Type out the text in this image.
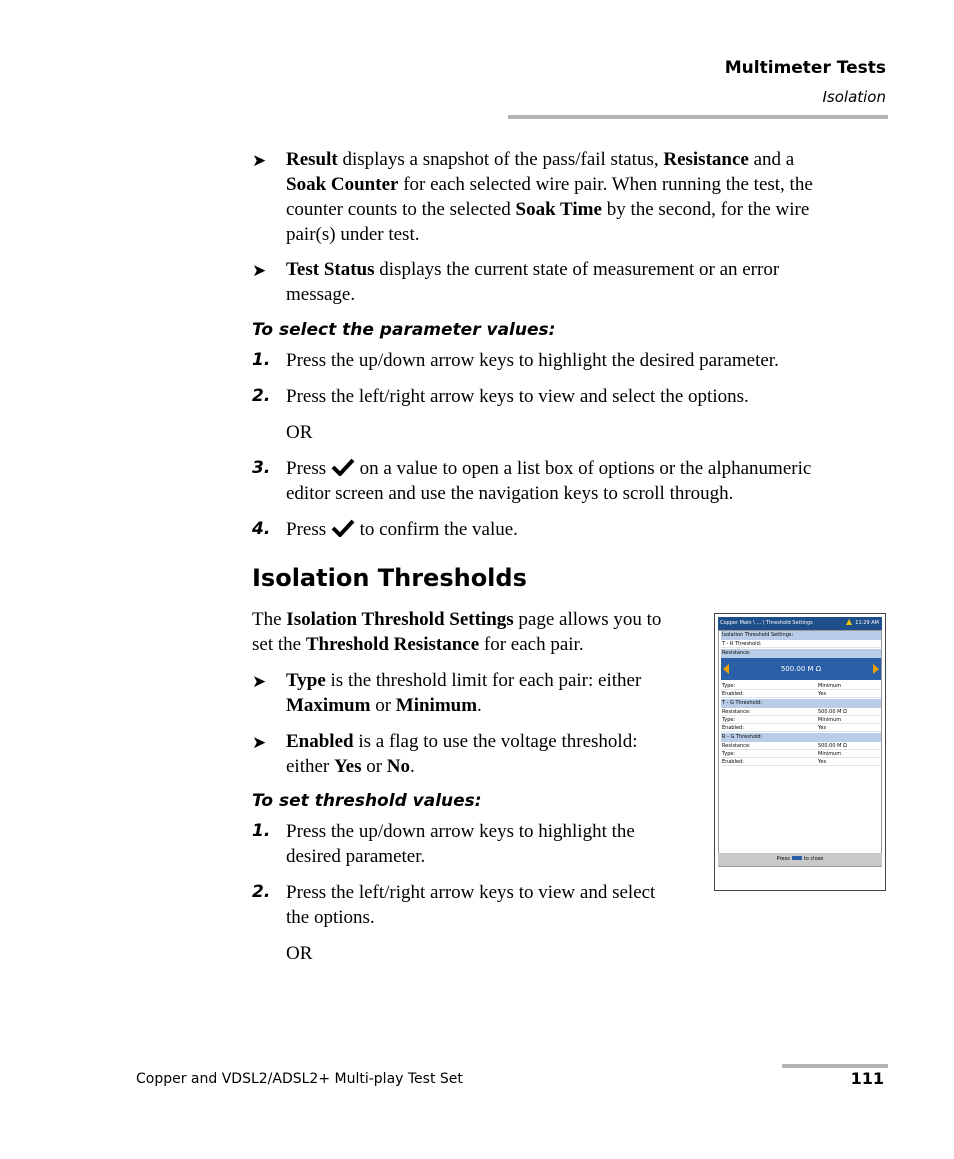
Multimeter Tests
Isolation
➤ Result displays a snapshot of the pass/fail status, Resistance and a
Soak Counter for each selected wire pair. When running the test, the
counter counts to the selected Soak Time by the second, for the wire
pair(s) under test.
➤ Test Status displays the current state of measurement or an error
message.
To select the parameter values:
1. Press the up/down arrow keys to highlight the desired parameter.
2. Press the left/right arrow keys to view and select the options.
OR
3. Press  on a value to open a list box of options or the alphanumeric
editor screen and use the navigation keys to scroll through.
4. Press  to confirm the value.
Isolation Thresholds
The Isolation Threshold Settings page allows you to
set the Threshold Resistance for each pair.
➤ Type is the threshold limit for each pair: either
Maximum or Minimum.
➤ Enabled is a flag to use the voltage threshold:
either Yes or No.
To set threshold values:
1. Press the up/down arrow keys to highlight the
desired parameter.
2. Press the left/right arrow keys to view and select
the options.
OR
Copper Main \ ... \ Threshold Settings	11:29 AM
Isolation Threshold Settings:
T - R Threshold:
Resistance:
500.00 M Ω
Type:	Minimum
Enabled:	Yes
T - G Threshold:
Resistance:	500.00 M Ω
Type:	Minimum
Enabled:	Yes
R - G Threshold:
Resistance:	500.00 M Ω
Type:	Minimum
Enabled:	Yes
Press	to close
Copper and VDSL2/ADSL2+ Multi-play Test Set	111
